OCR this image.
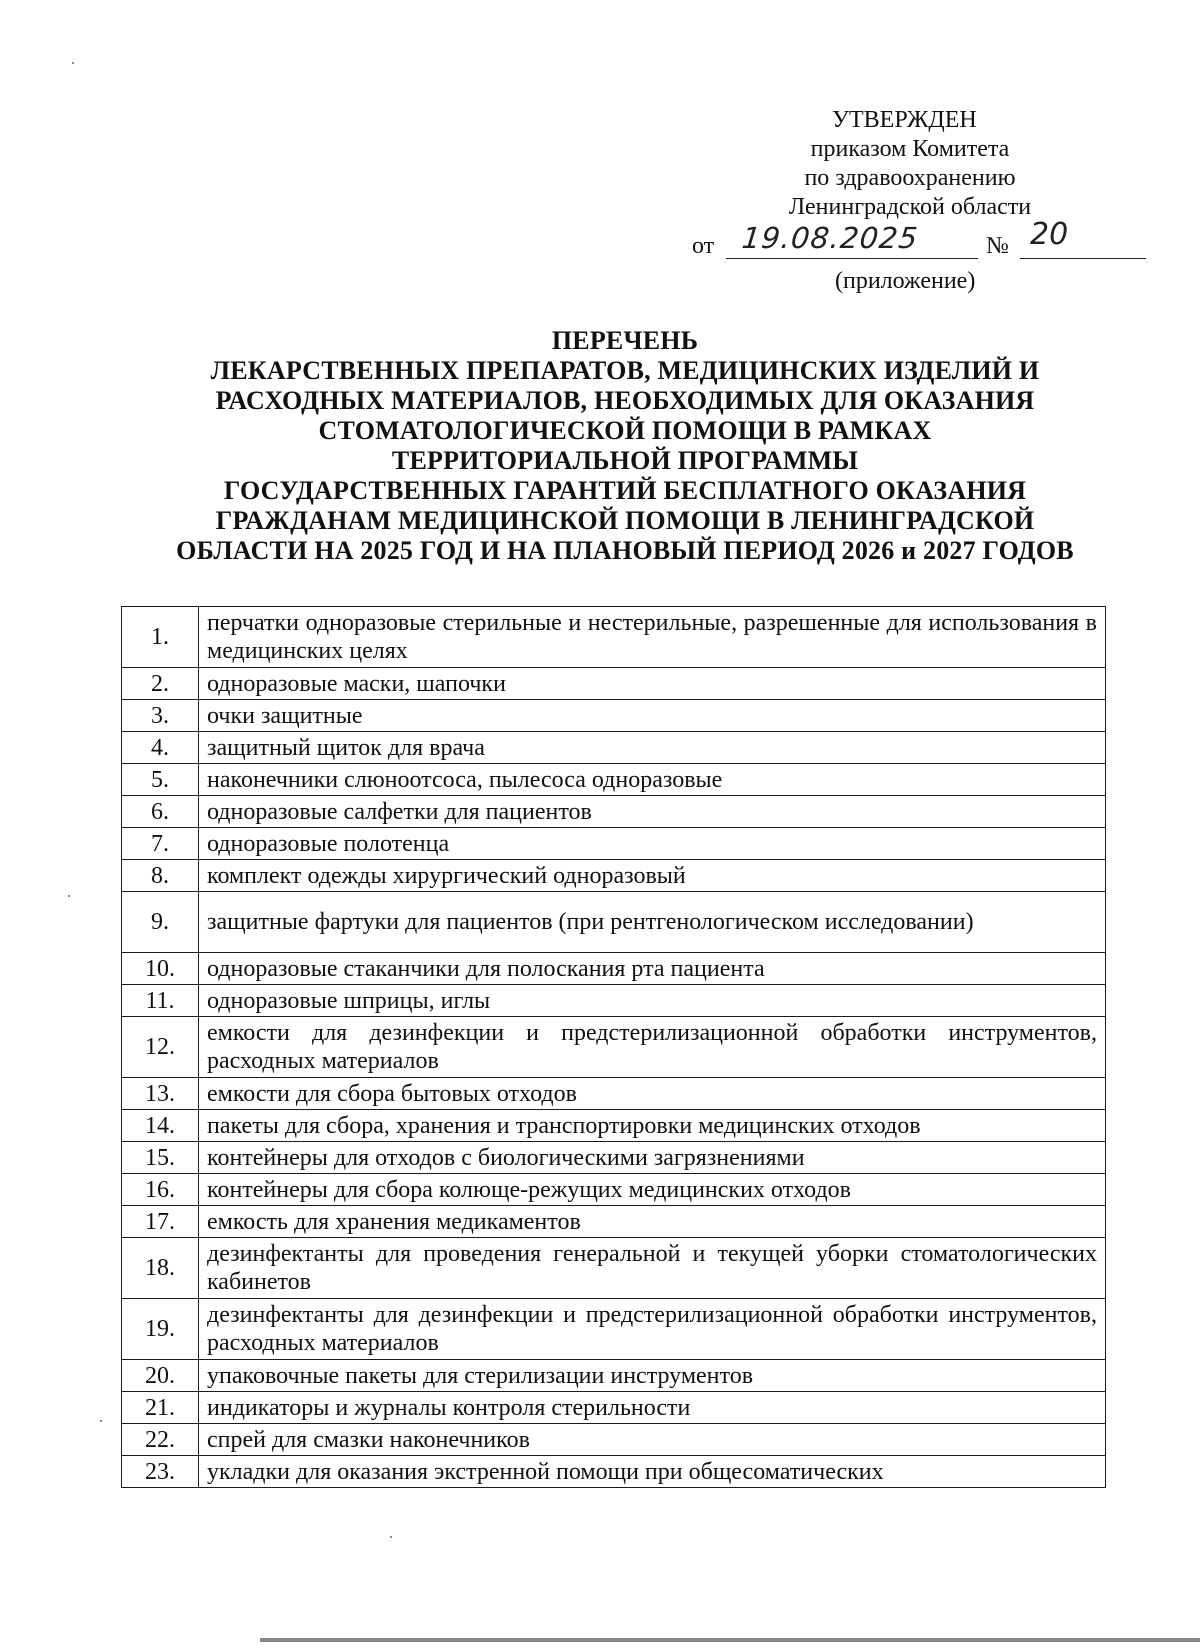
УТВЕРЖДЕН
приказом Комитета
по здравоохранению
Ленинградской области
от 19.08.2025	№ 20
(приложение)
ПЕРЕЧЕНЬ
ЛЕКАРСТВЕННЫХ ПРЕПАРАТОВ, МЕДИЦИНСКИХ ИЗДЕЛИЙ И
РАСХОДНЫХ МАТЕРИАЛОВ, НЕОБХОДИМЫХ ДЛЯ ОКАЗАНИЯ
СТОМАТОЛОГИЧЕСКОЙ ПОМОЩИ В РАМКАХ
ТЕРРИТОРИАЛЬНОЙ ПРОГРАММЫ
ГОСУДАРСТВЕННЫХ ГАРАНТИЙ БЕСПЛАТНОГО ОКАЗАНИЯ
ГРАЖДАНАМ МЕДИЦИНСКОЙ ПОМОЩИ В ЛЕНИНГРАДСКОЙ
ОБЛАСТИ НА 2025 ГОД И НА ПЛАНОВЫЙ ПЕРИОД 2026 и 2027 ГОДОВ
1.	перчатки одноразовые стерильные и нестерильные, разрешенные для использования в медицинских целях
2.	одноразовые маски, шапочки
3.	очки защитные
4.	защитный щиток для врача
5.	наконечники слюноотсоса, пылесоса одноразовые
6.	одноразовые салфетки для пациентов
7.	одноразовые полотенца
8.	комплект одежды хирургический одноразовый
9.	защитные фартуки для пациентов (при рентгенологическом исследовании)
10.	одноразовые стаканчики для полоскания рта пациента
11.	одноразовые шприцы, иглы
12.	емкости для дезинфекции и предстерилизационной обработки инструментов, расходных материалов
13.	емкости для сбора бытовых отходов
14.	пакеты для сбора, хранения и транспортировки медицинских отходов
15.	контейнеры для отходов с биологическими загрязнениями
16.	контейнеры для сбора колюще-режущих медицинских отходов
17.	емкость для хранения медикаментов
18.	дезинфектанты для проведения генеральной и текущей уборки стоматологических кабинетов
19.	дезинфектанты для дезинфекции и предстерилизационной обработки инструментов, расходных материалов
20.	упаковочные пакеты для стерилизации инструментов
21.	индикаторы и журналы контроля стерильности
22.	спрей для смазки наконечников
23.	укладки для оказания экстренной помощи при общесоматических
